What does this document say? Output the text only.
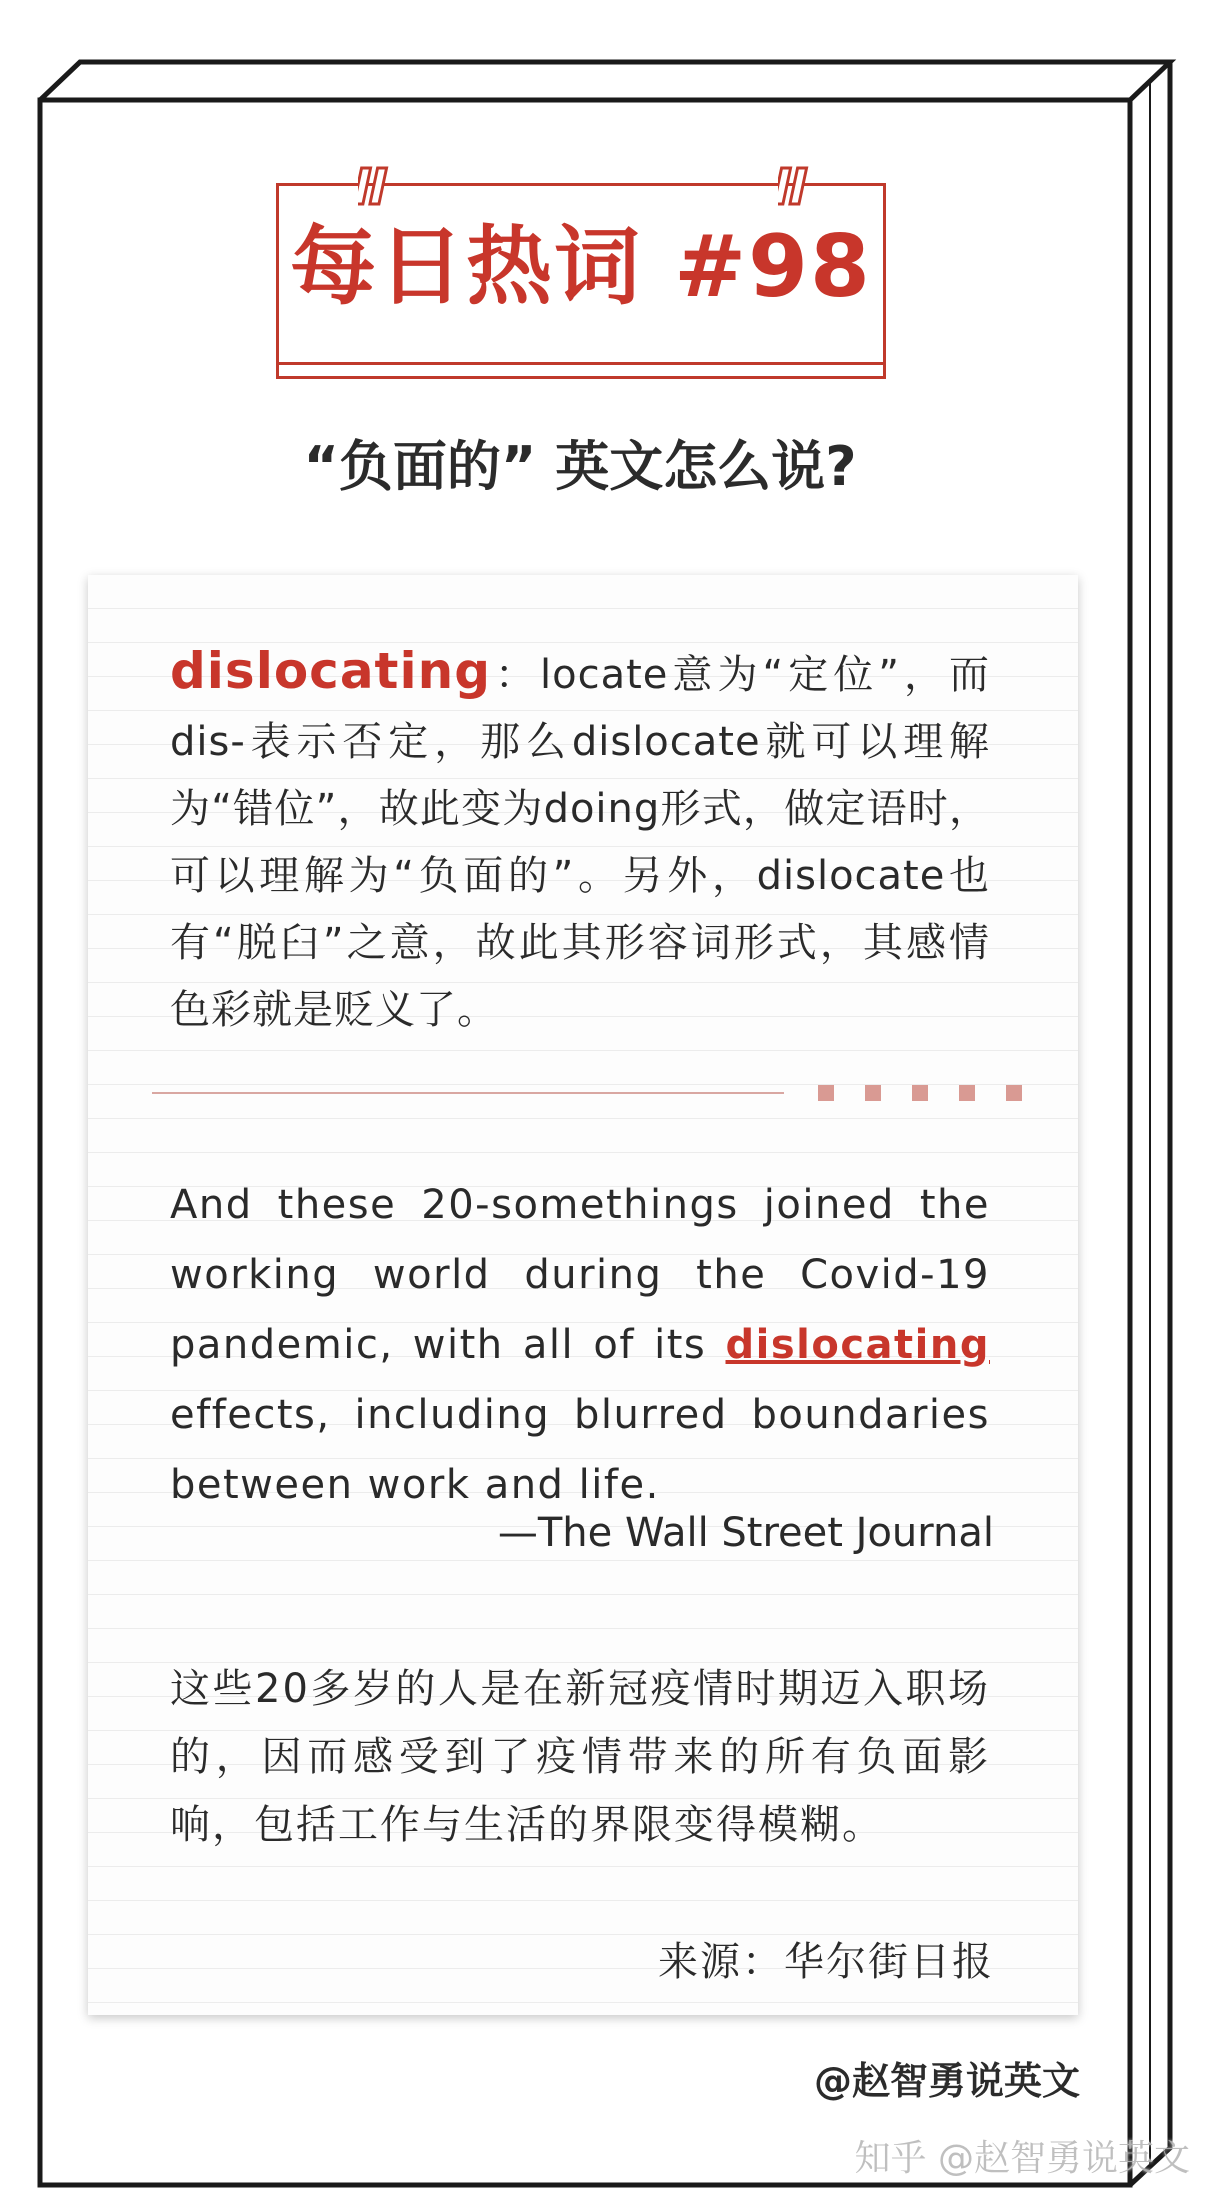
每日热词 #98
“负面的” 英文怎么说?
dislocating：locate意为“定位”，而dis-表示否定，那么dislocate就可以理解为“错位”，故此变为doing形式，做定语时，可以理解为“负面的”。另外，dislocate也有“脱臼”之意，故此其形容词形式，其感情色彩就是贬义了。
And these 20-somethings joined the working world during the Covid-19 pandemic, with all of its dislocating effects, including blurred boundaries between work and life.
—The Wall Street Journal
这些20多岁的人是在新冠疫情时期迈入职场的，因而感受到了疫情带来的所有负面影响，包括工作与生活的界限变得模糊。
来源：华尔街日报
@赵智勇说英文
知乎 @赵智勇说英文
